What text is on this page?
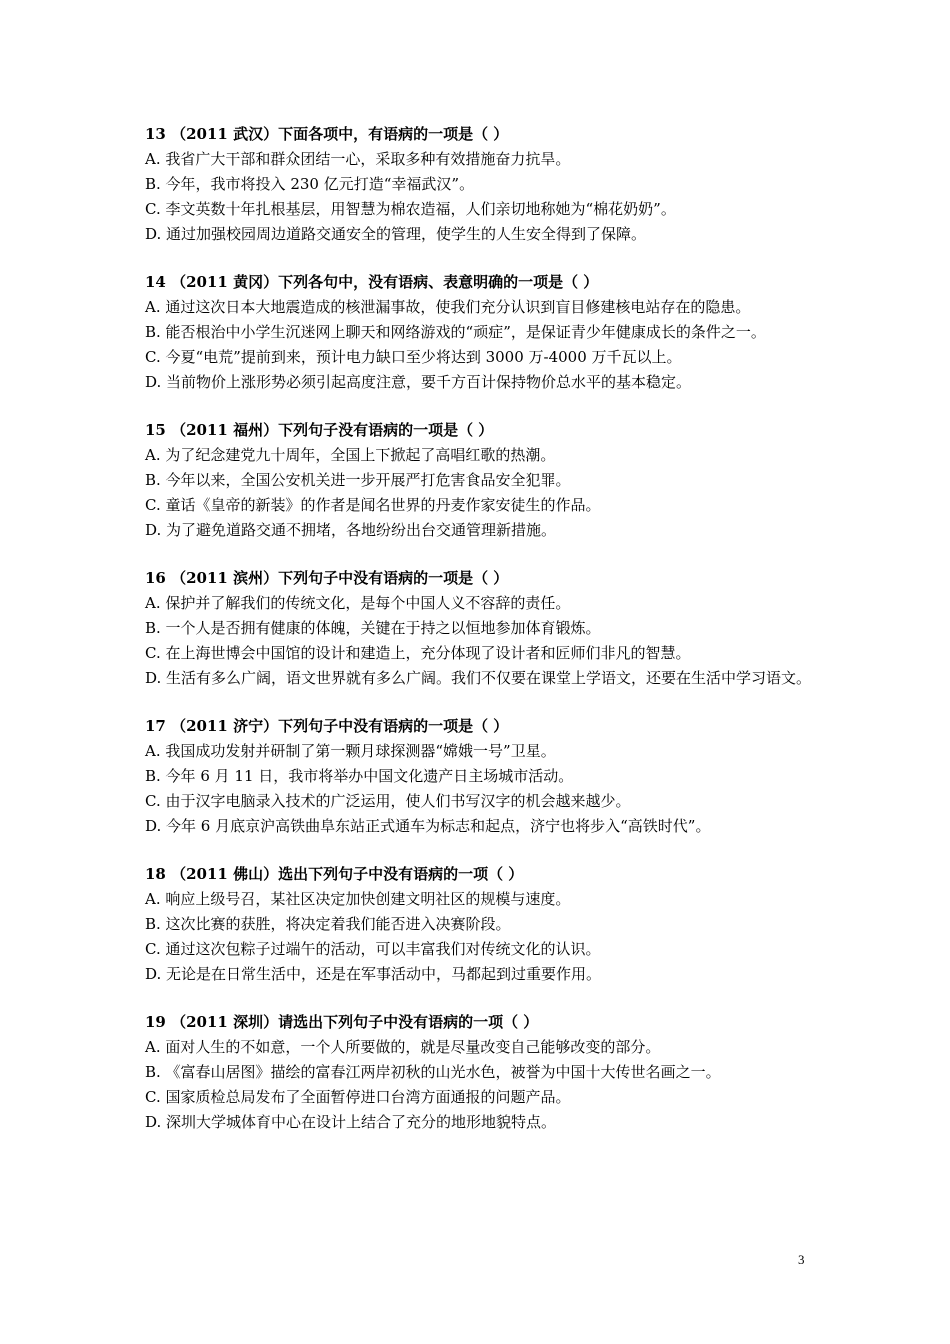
13 （2011 武汉）下面各项中，有语病的一项是（ ）
A. 我省广大干部和群众团结一心，采取多种有效措施奋力抗旱。
B. 今年，我市将投入 230 亿元打造“幸福武汉”。
C. 李文英数十年扎根基层，用智慧为棉农造福，人们亲切地称她为“棉花奶奶”。
D. 通过加强校园周边道路交通安全的管理，使学生的人生安全得到了保障。
14 （2011 黄冈）下列各句中，没有语病、表意明确的一项是（ ）
A. 通过这次日本大地震造成的核泄漏事故，使我们充分认识到盲目修建核电站存在的隐患。
B. 能否根治中小学生沉迷网上聊天和网络游戏的“顽症”，是保证青少年健康成长的条件之一。
C. 今夏“电荒”提前到来，预计电力缺口至少将达到 3000 万-4000 万千瓦以上。
D. 当前物价上涨形势必须引起高度注意，要千方百计保持物价总水平的基本稳定。
15 （2011 福州）下列句子没有语病的一项是（ ）
A. 为了纪念建党九十周年，全国上下掀起了高唱红歌的热潮。
B. 今年以来，全国公安机关进一步开展严打危害食品安全犯罪。
C. 童话《皇帝的新装》的作者是闻名世界的丹麦作家安徒生的作品。
D. 为了避免道路交通不拥堵，各地纷纷出台交通管理新措施。
16 （2011 滨州）下列句子中没有语病的一项是（ ）
A. 保护并了解我们的传统文化，是每个中国人义不容辞的责任。
B. 一个人是否拥有健康的体魄，关键在于持之以恒地参加体育锻炼。
C. 在上海世博会中国馆的设计和建造上，充分体现了设计者和匠师们非凡的智慧。
D. 生活有多么广阔，语文世界就有多么广阔。我们不仅要在课堂上学语文，还要在生活中学习语文。
17 （2011 济宁）下列句子中没有语病的一项是（ ）
A. 我国成功发射并研制了第一颗月球探测器“嫦娥一号”卫星。
B. 今年 6 月 11 日，我市将举办中国文化遗产日主场城市活动。
C. 由于汉字电脑录入技术的广泛运用，使人们书写汉字的机会越来越少。
D. 今年 6 月底京沪高铁曲阜东站正式通车为标志和起点，济宁也将步入“高铁时代”。
18 （2011 佛山）选出下列句子中没有语病的一项（ ）
A. 响应上级号召，某社区决定加快创建文明社区的规模与速度。
B. 这次比赛的获胜，将决定着我们能否进入决赛阶段。
C. 通过这次包粽子过端午的活动，可以丰富我们对传统文化的认识。
D. 无论是在日常生活中，还是在军事活动中，马都起到过重要作用。
19 （2011 深圳）请选出下列句子中没有语病的一项（ ）
A. 面对人生的不如意，一个人所要做的，就是尽量改变自己能够改变的部分。
B. 《富春山居图》描绘的富春江两岸初秋的山光水色，被誉为中国十大传世名画之一。
C. 国家质检总局发布了全面暂停进口台湾方面通报的问题产品。
D. 深圳大学城体育中心在设计上结合了充分的地形地貌特点。
3
